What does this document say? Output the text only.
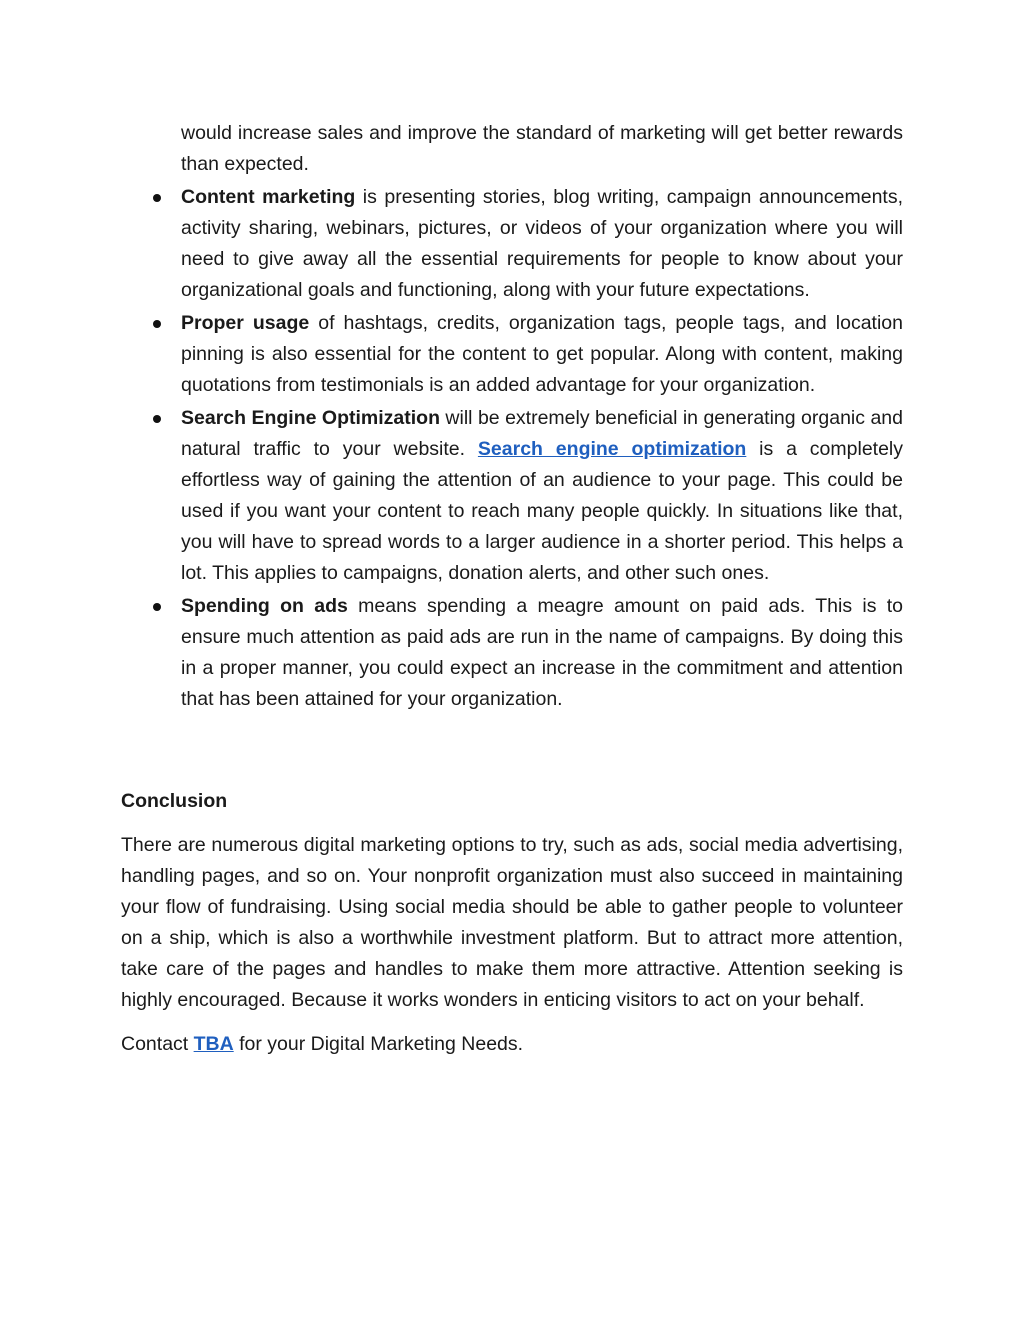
would increase sales and improve the standard of marketing will get better rewards than expected.

Content marketing is presenting stories, blog writing, campaign announcements, activity sharing, webinars, pictures, or videos of your organization where you will need to give away all the essential requirements for people to know about your organizational goals and functioning, along with your future expectations.
Proper usage of hashtags, credits, organization tags, people tags, and location pinning is also essential for the content to get popular. Along with content, making quotations from testimonials is an added advantage for your organization.
Search Engine Optimization will be extremely beneficial in generating organic and natural traffic to your website. Search engine optimization is a completely effortless way of gaining the attention of an audience to your page. This could be used if you want your content to reach many people quickly. In situations like that, you will have to spread words to a larger audience in a shorter period. This helps a lot. This applies to campaigns, donation alerts, and other such ones.
Spending on ads means spending a meagre amount on paid ads. This is to ensure much attention as paid ads are run in the name of campaigns. By doing this in a proper manner, you could expect an increase in the commitment and attention that has been attained for your organization.
Conclusion

There are numerous digital marketing options to try, such as ads, social media advertising, handling pages, and so on. Your nonprofit organization must also succeed in maintaining your flow of fundraising. Using social media should be able to gather people to volunteer on a ship, which is also a worthwhile investment platform. But to attract more attention, take care of the pages and handles to make them more attractive. Attention seeking is highly encouraged. Because it works wonders in enticing visitors to act on your behalf.

Contact TBA for your Digital Marketing Needs.
